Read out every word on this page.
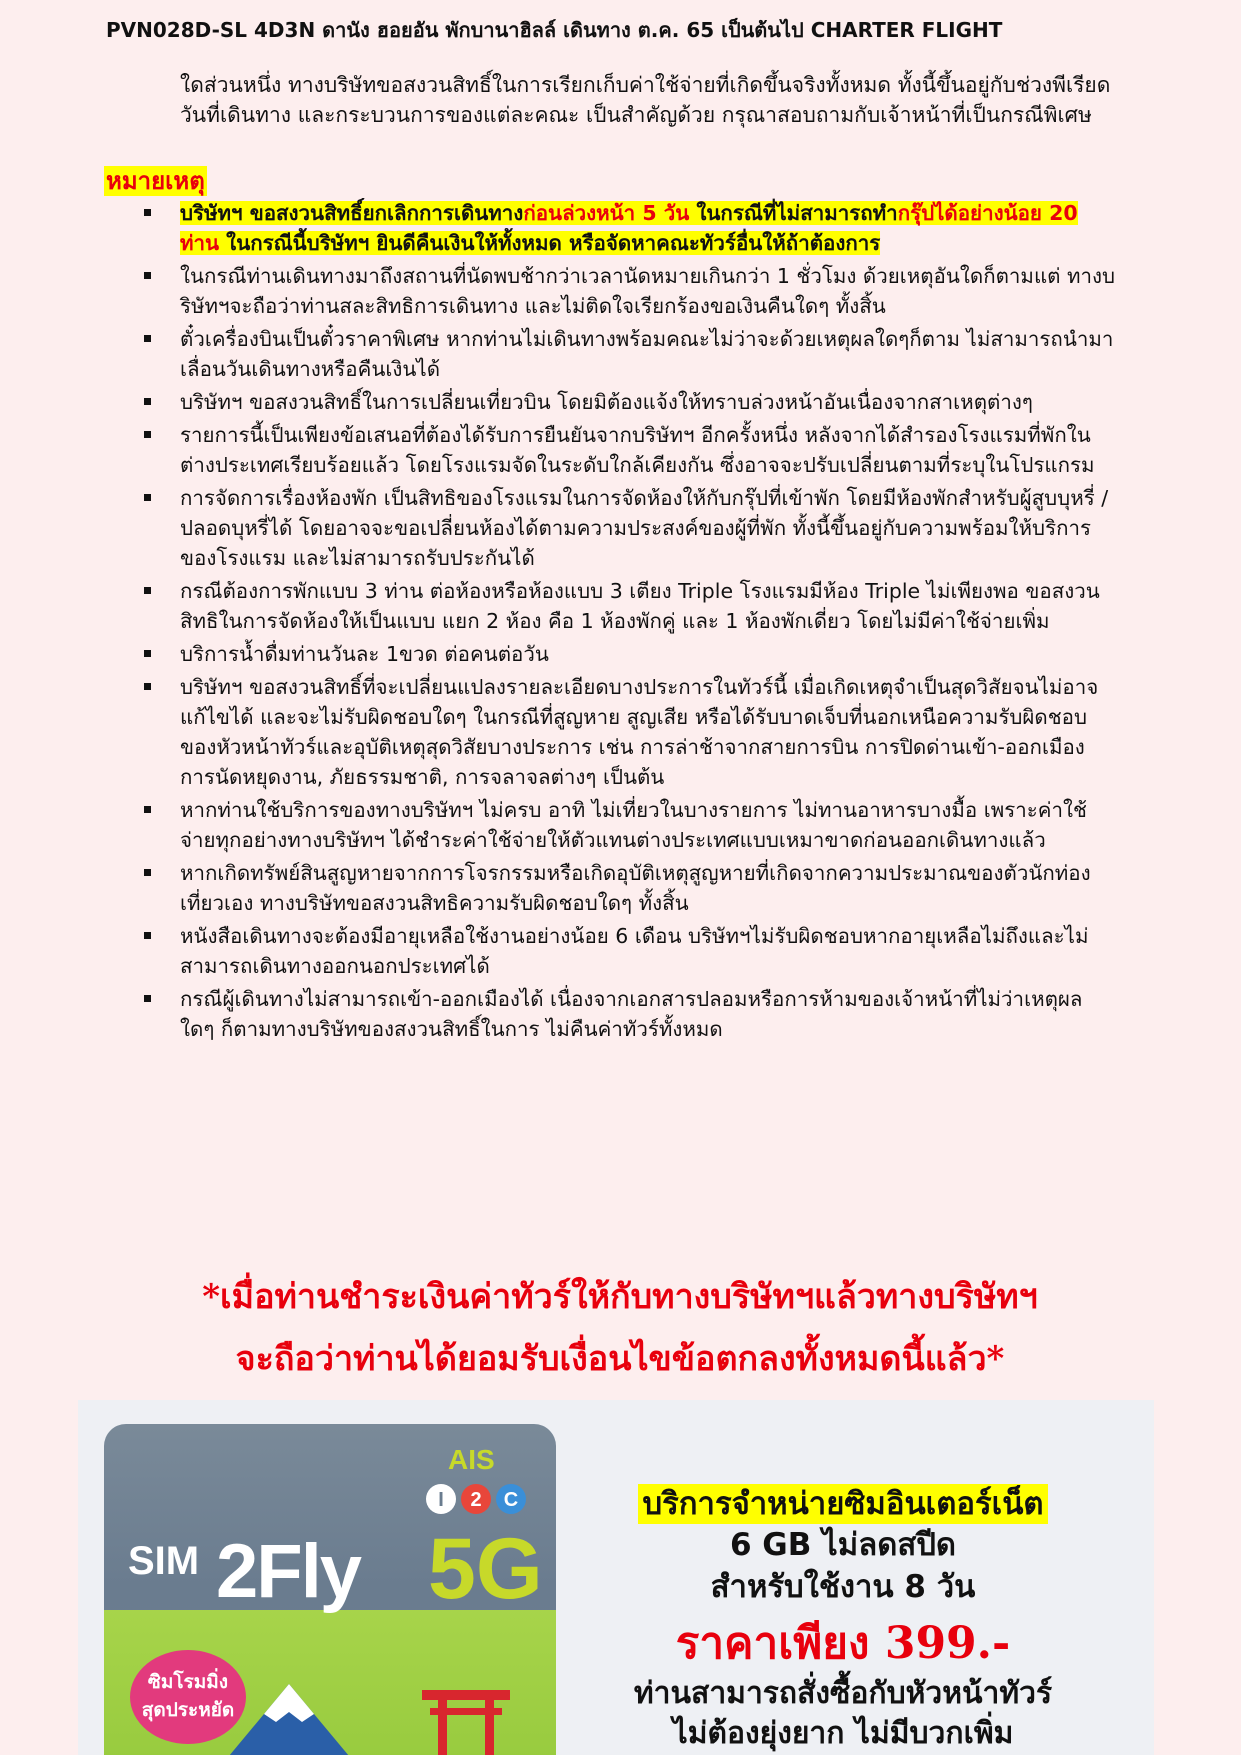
PVN028D-SL 4D3N ดานัง ฮอยอัน พักบานาฮิลล์ เดินทาง ต.ค. 65 เป็นต้นไป CHARTER FLIGHT

ใดส่วนหนึ่ง ทางบริษัทขอสงวนสิทธิ์ในการเรียกเก็บค่าใช้จ่ายที่เกิดขึ้นจริงทั้งหมด ทั้งนี้ขึ้นอยู่กับช่วงพีเรียดวันที่เดินทาง และกระบวนการของแต่ละคณะ เป็นสำคัญด้วย กรุณาสอบถามกับเจ้าหน้าที่เป็นกรณีพิเศษ

หมายเหตุ
บริษัทฯ ขอสงวนสิทธิ์ยกเลิกการเดินทางก่อนล่วงหน้า 5 วัน ในกรณีที่ไม่สามารถทำกรุ๊ปได้อย่างน้อย 20 ท่าน ในกรณีนี้บริษัทฯ ยินดีคืนเงินให้ทั้งหมด หรือจัดหาคณะทัวร์อื่นให้ถ้าต้องการ
ในกรณีท่านเดินทางมาถึงสถานที่นัดพบช้ากว่าเวลานัดหมายเกินกว่า 1 ชั่วโมง ด้วยเหตุอันใดก็ตามแต่ ทางบริษัทฯจะถือว่าท่านสละสิทธิการเดินทาง และไม่ติดใจเรียกร้องขอเงินคืนใดๆ ทั้งสิ้น
ตั๋วเครื่องบินเป็นตั๋วราคาพิเศษ หากท่านไม่เดินทางพร้อมคณะไม่ว่าจะด้วยเหตุผลใดๆก็ตาม ไม่สามารถนำมาเลื่อนวันเดินทางหรือคืนเงินได้
บริษัทฯ ขอสงวนสิทธิ์ในการเปลี่ยนเที่ยวบิน โดยมิต้องแจ้งให้ทราบล่วงหน้าอันเนื่องจากสาเหตุต่างๆ
รายการนี้เป็นเพียงข้อเสนอที่ต้องได้รับการยืนยันจากบริษัทฯ อีกครั้งหนึ่ง หลังจากได้สำรองโรงแรมที่พักในต่างประเทศเรียบร้อยแล้ว โดยโรงแรมจัดในระดับใกล้เคียงกัน ซึ่งอาจจะปรับเปลี่ยนตามที่ระบุในโปรแกรม
การจัดการเรื่องห้องพัก เป็นสิทธิของโรงแรมในการจัดห้องให้กับกรุ๊ปที่เข้าพัก โดยมีห้องพักสำหรับผู้สูบบุหรี่ / ปลอดบุหรี่ได้ โดยอาจจะขอเปลี่ยนห้องได้ตามความประสงค์ของผู้ที่พัก ทั้งนี้ขึ้นอยู่กับความพร้อมให้บริการของโรงแรม และไม่สามารถรับประกันได้
กรณีต้องการพักแบบ 3 ท่าน ต่อห้องหรือห้องแบบ 3 เตียง Triple โรงแรมมีห้อง Triple ไม่เพียงพอ ขอสงวนสิทธิในการจัดห้องให้เป็นแบบ แยก 2 ห้อง คือ 1 ห้องพักคู่ และ 1 ห้องพักเดี่ยว โดยไม่มีค่าใช้จ่ายเพิ่ม
บริการน้ำดื่มท่านวันละ 1ขวด ต่อคนต่อวัน
บริษัทฯ ขอสงวนสิทธิ์ที่จะเปลี่ยนแปลงรายละเอียดบางประการในทัวร์นี้ เมื่อเกิดเหตุจำเป็นสุดวิสัยจนไม่อาจแก้ไขได้ และจะไม่รับผิดชอบใดๆ ในกรณีที่สูญหาย สูญเสีย หรือได้รับบาดเจ็บที่นอกเหนือความรับผิดชอบของหัวหน้าทัวร์และอุบัติเหตุสุดวิสัยบางประการ เช่น การล่าช้าจากสายการบิน การปิดด่านเข้า-ออกเมือง การนัดหยุดงาน, ภัยธรรมชาติ, การจลาจลต่างๆ เป็นต้น
หากท่านใช้บริการของทางบริษัทฯ ไม่ครบ อาทิ ไม่เที่ยวในบางรายการ ไม่ทานอาหารบางมื้อ เพราะค่าใช้จ่ายทุกอย่างทางบริษัทฯ ได้ชำระค่าใช้จ่ายให้ตัวแทนต่างประเทศแบบเหมาขาดก่อนออกเดินทางแล้ว
หากเกิดทรัพย์สินสูญหายจากการโจรกรรมหรือเกิดอุบัติเหตุสูญหายที่เกิดจากความประมาณของตัวนักท่องเที่ยวเอง ทางบริษัทขอสงวนสิทธิความรับผิดชอบใดๆ ทั้งสิ้น
หนังสือเดินทางจะต้องมีอายุเหลือใช้งานอย่างน้อย 6 เดือน บริษัทฯไม่รับผิดชอบหากอายุเหลือไม่ถึงและไม่สามารถเดินทางออกนอกประเทศได้
กรณีผู้เดินทางไม่สามารถเข้า-ออกเมืองได้ เนื่องจากเอกสารปลอมหรือการห้ามของเจ้าหน้าที่ไม่ว่าเหตุผลใดๆ ก็ตามทางบริษัทของสงวนสิทธิ์ในการ ไม่คืนค่าทัวร์ทั้งหมด
*เมื่อท่านชำระเงินค่าทัวร์ให้กับทางบริษัทฯแล้วทางบริษัทฯ
จะถือว่าท่านได้ยอมรับเงื่อนไขข้อตกลงทั้งหมดนี้แล้ว*
AIS
I 2 C
SIM 2Fly 5G
ซิมโรมมิ่ง
สุดประหยัด
บริการจำหน่ายซิมอินเตอร์เน็ต
6 GB ไม่ลดสปีด
สำหรับใช้งาน 8 วัน
ราคาเพียง 399.-
ท่านสามารถสั่งซื้อกับหัวหน้าทัวร์
ไม่ต้องยุ่งยาก ไม่มีบวกเพิ่ม
